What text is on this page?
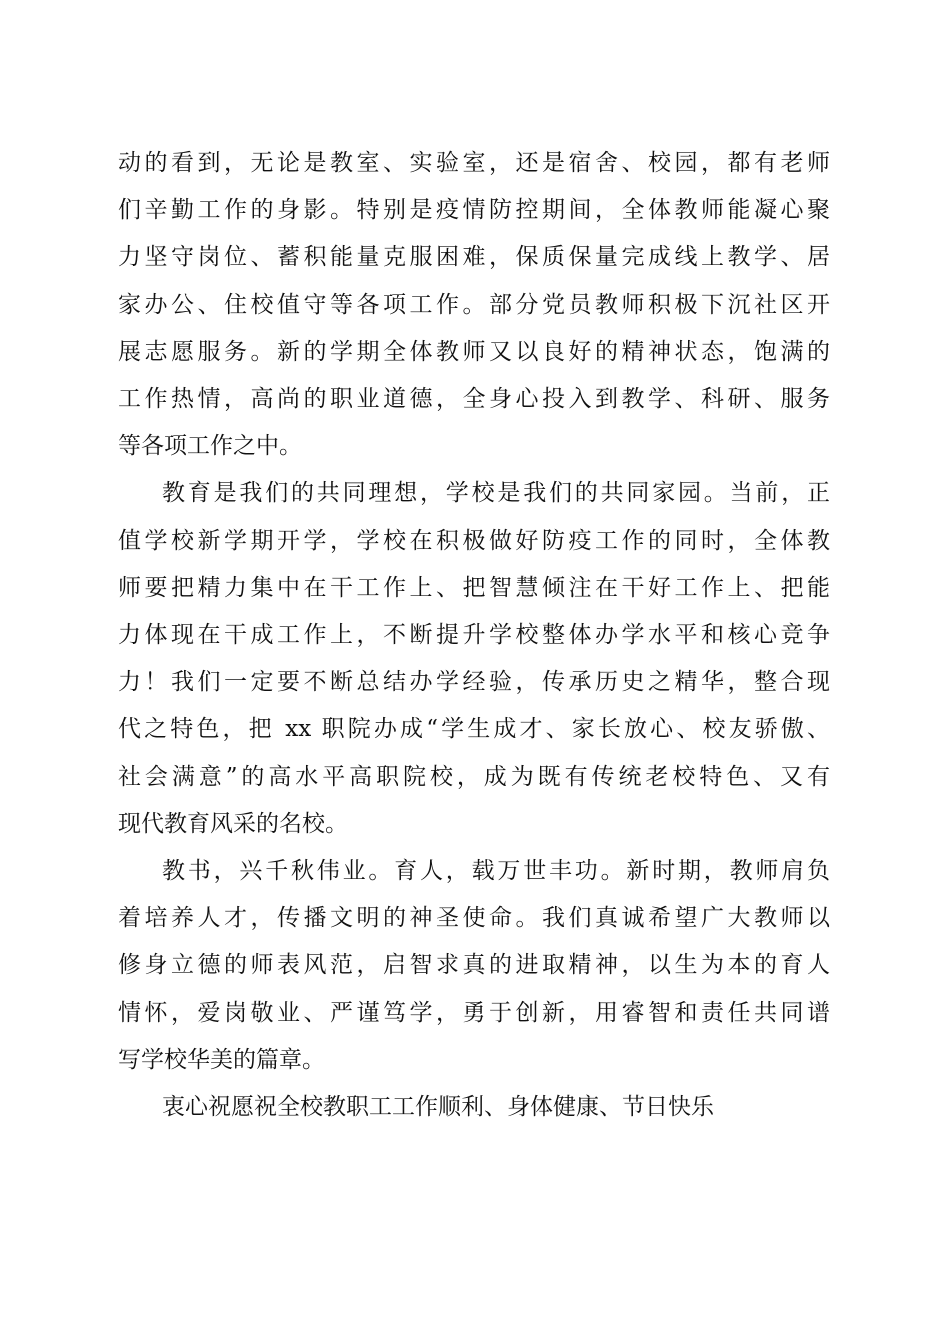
动的看到，无论是教室、实验室，还是宿舍、校园，都有老师
们辛勤工作的身影。特别是疫情防控期间，全体教师能凝心聚
力坚守岗位、蓄积能量克服困难，保质保量完成线上教学、居
家办公、住校值守等各项工作。部分党员教师积极下沉社区开
展志愿服务。新的学期全体教师又以良好的精神状态，饱满的
工作热情，高尚的职业道德，全身心投入到教学、科研、服务
等各项工作之中。

教育是我们的共同理想，学校是我们的共同家园。当前，正
值学校新学期开学，学校在积极做好防疫工作的同时，全体教
师要把精力集中在干工作上、把智慧倾注在干好工作上、把能
力体现在干成工作上，不断提升学校整体办学水平和核心竞争
力！我们一定要不断总结办学经验，传承历史之精华，整合现
代之特色，把 xx 职院办成“学生成才、家长放心、校友骄傲、
社会满意”的高水平高职院校，成为既有传统老校特色、又有
现代教育风采的名校。

教书，兴千秋伟业。育人，载万世丰功。新时期，教师肩负
着培养人才，传播文明的神圣使命。我们真诚希望广大教师以
修身立德的师表风范，启智求真的进取精神，以生为本的育人
情怀，爱岗敬业、严谨笃学，勇于创新，用睿智和责任共同谱
写学校华美的篇章。

衷心祝愿祝全校教职工工作顺利、身体健康、节日快乐
